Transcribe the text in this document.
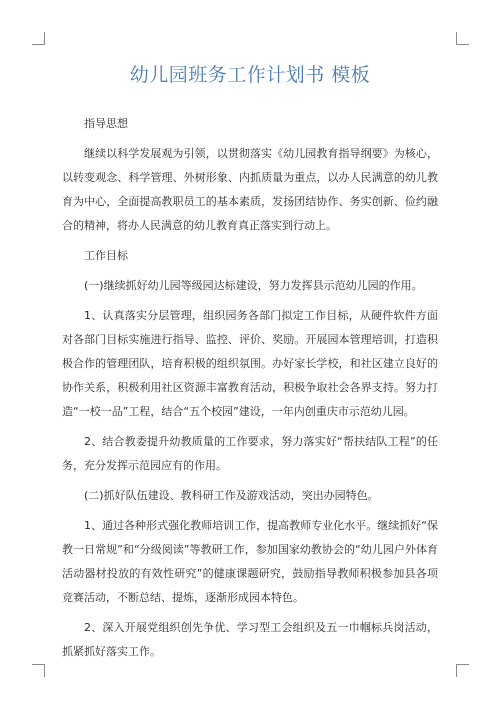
幼儿园班务工作计划书 模板

指导思想

继续以科学发展观为引领，以贯彻落实《幼儿园教育指导纲要》为核心，以转变观念、科学管理、外树形象、内抓质量为重点，以办人民满意的幼儿教育为中心，全面提高教职员工的基本素质，发扬团结协作、务实创新、俭约融合的精神，将办人民满意的幼儿教育真正落实到行动上。

工作目标

(一)继续抓好幼儿园等级园达标建设，努力发挥县示范幼儿园的作用。

1、认真落实分层管理，组织园务各部门拟定工作目标，从硬件软件方面对各部门目标实施进行指导、监控、评价、奖励。开展园本管理培训，打造积极合作的管理团队，培育积极的组织氛围。办好家长学校，和社区建立良好的协作关系，积极利用社区资源丰富教育活动，积极争取社会各界支持。努力打造“一校一品”工程，结合“五个校园”建设，一年内创重庆市示范幼儿园。

2、结合教委提升幼教质量的工作要求，努力落实好“帮扶结队工程”的任务，充分发挥示范园应有的作用。

(二)抓好队伍建设、教科研工作及游戏活动，突出办园特色。

1、通过各种形式强化教师培训工作，提高教师专业化水平。继续抓好“保教一日常规”和“分级阅读”等教研工作，参加国家幼教协会的“幼儿园户外体育活动器材投放的有效性研究”的健康课题研究，鼓励指导教师积极参加县各项竞赛活动，不断总结、提炼，逐渐形成园本特色。

2、深入开展党组织创先争优、学习型工会组织及五一巾帼标兵岗活动，抓紧抓好落实工作。
